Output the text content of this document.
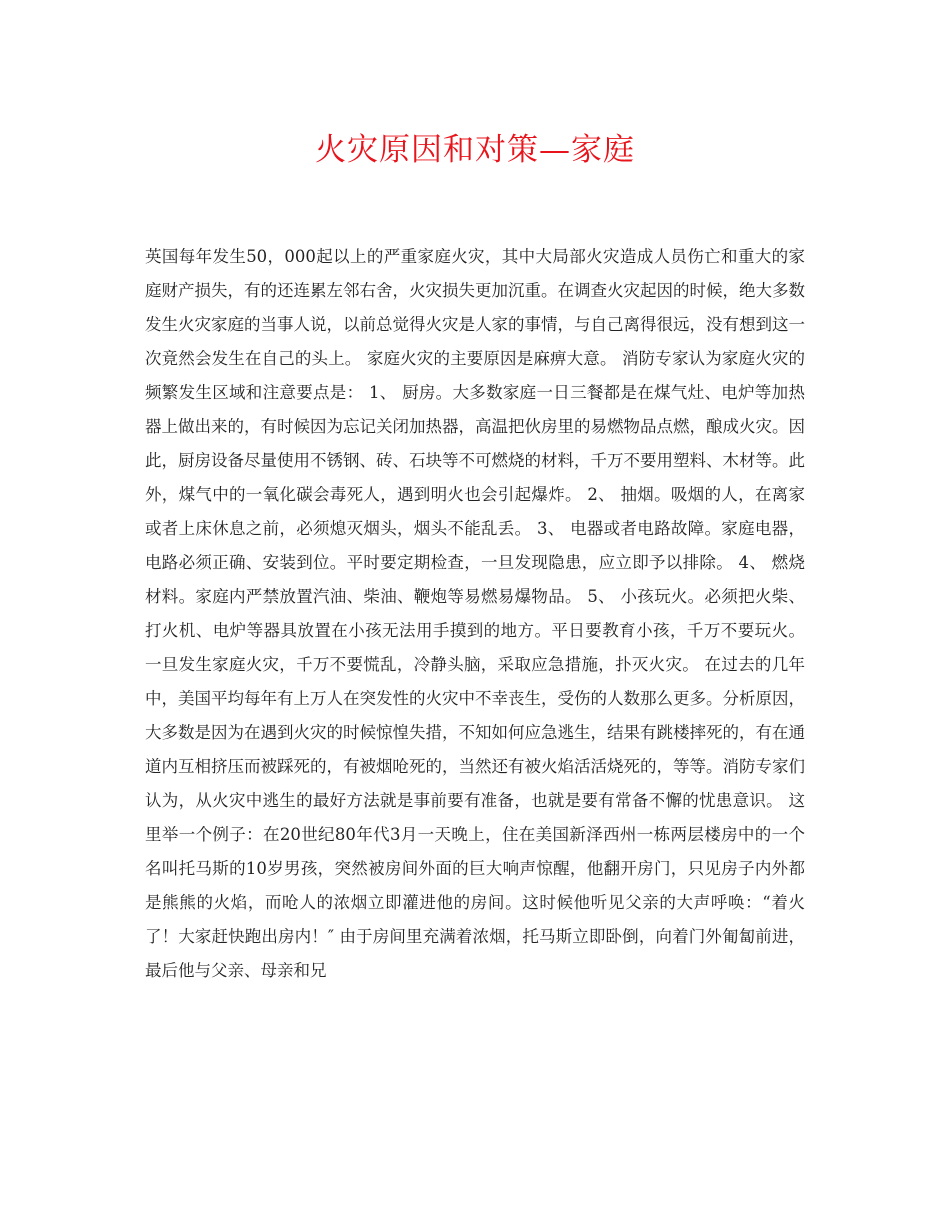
火灾原因和对策—家庭

英国每年发生50，000起以上的严重家庭火灾，其中大局部火灾造成人员伤亡和重大的家庭财产损失，有的还连累左邻右舍，火灾损失更加沉重。在调查火灾起因的时候，绝大多数发生火灾家庭的当事人说，以前总觉得火灾是人家的事情，与自己离得很远，没有想到这一次竟然会发生在自己的头上。 家庭火灾的主要原因是麻痹大意。 消防专家认为家庭火灾的频繁发生区域和注意要点是： 1、 厨房。大多数家庭一日三餐都是在煤气灶、电炉等加热器上做出来的，有时候因为忘记关闭加热器，高温把伙房里的易燃物品点燃，酿成火灾。因此，厨房设备尽量使用不锈钢、砖、石块等不可燃烧的材料，千万不要用塑料、木材等。此外，煤气中的一氧化碳会毒死人，遇到明火也会引起爆炸。 2、 抽烟。吸烟的人，在离家或者上床休息之前，必须熄灭烟头，烟头不能乱丢。 3、 电器或者电路故障。家庭电器，电路必须正确、安装到位。平时要定期检查，一旦发现隐患，应立即予以排除。 4、 燃烧材料。家庭内严禁放置汽油、柴油、鞭炮等易燃易爆物品。 5、 小孩玩火。必须把火柴、打火机、电炉等器具放置在小孩无法用手摸到的地方。平日要教育小孩，千万不要玩火。 一旦发生家庭火灾，千万不要慌乱，冷静头脑，采取应急措施，扑灭火灾。 在过去的几年中，美国平均每年有上万人在突发性的火灾中不幸丧生，受伤的人数那么更多。分析原因，大多数是因为在遇到火灾的时候惊惶失措，不知如何应急逃生，结果有跳楼摔死的，有在通道内互相挤压而被踩死的，有被烟呛死的，当然还有被火焰活活烧死的，等等。消防专家们认为，从火灾中逃生的最好方法就是事前要有准备，也就是要有常备不懈的忧患意识。 这里举一个例子：在20世纪80年代3月一天晚上，住在美国新泽西州一栋两层楼房中的一个名叫托马斯的10岁男孩，突然被房间外面的巨大响声惊醒，他翻开房门，只见房子内外都是熊熊的火焰，而呛人的浓烟立即灌进他的房间。这时候他听见父亲的大声呼唤：“着火了！大家赶快跑出房内！″ 由于房间里充满着浓烟，托马斯立即卧倒，向着门外匍匐前进，最后他与父亲、母亲和兄
